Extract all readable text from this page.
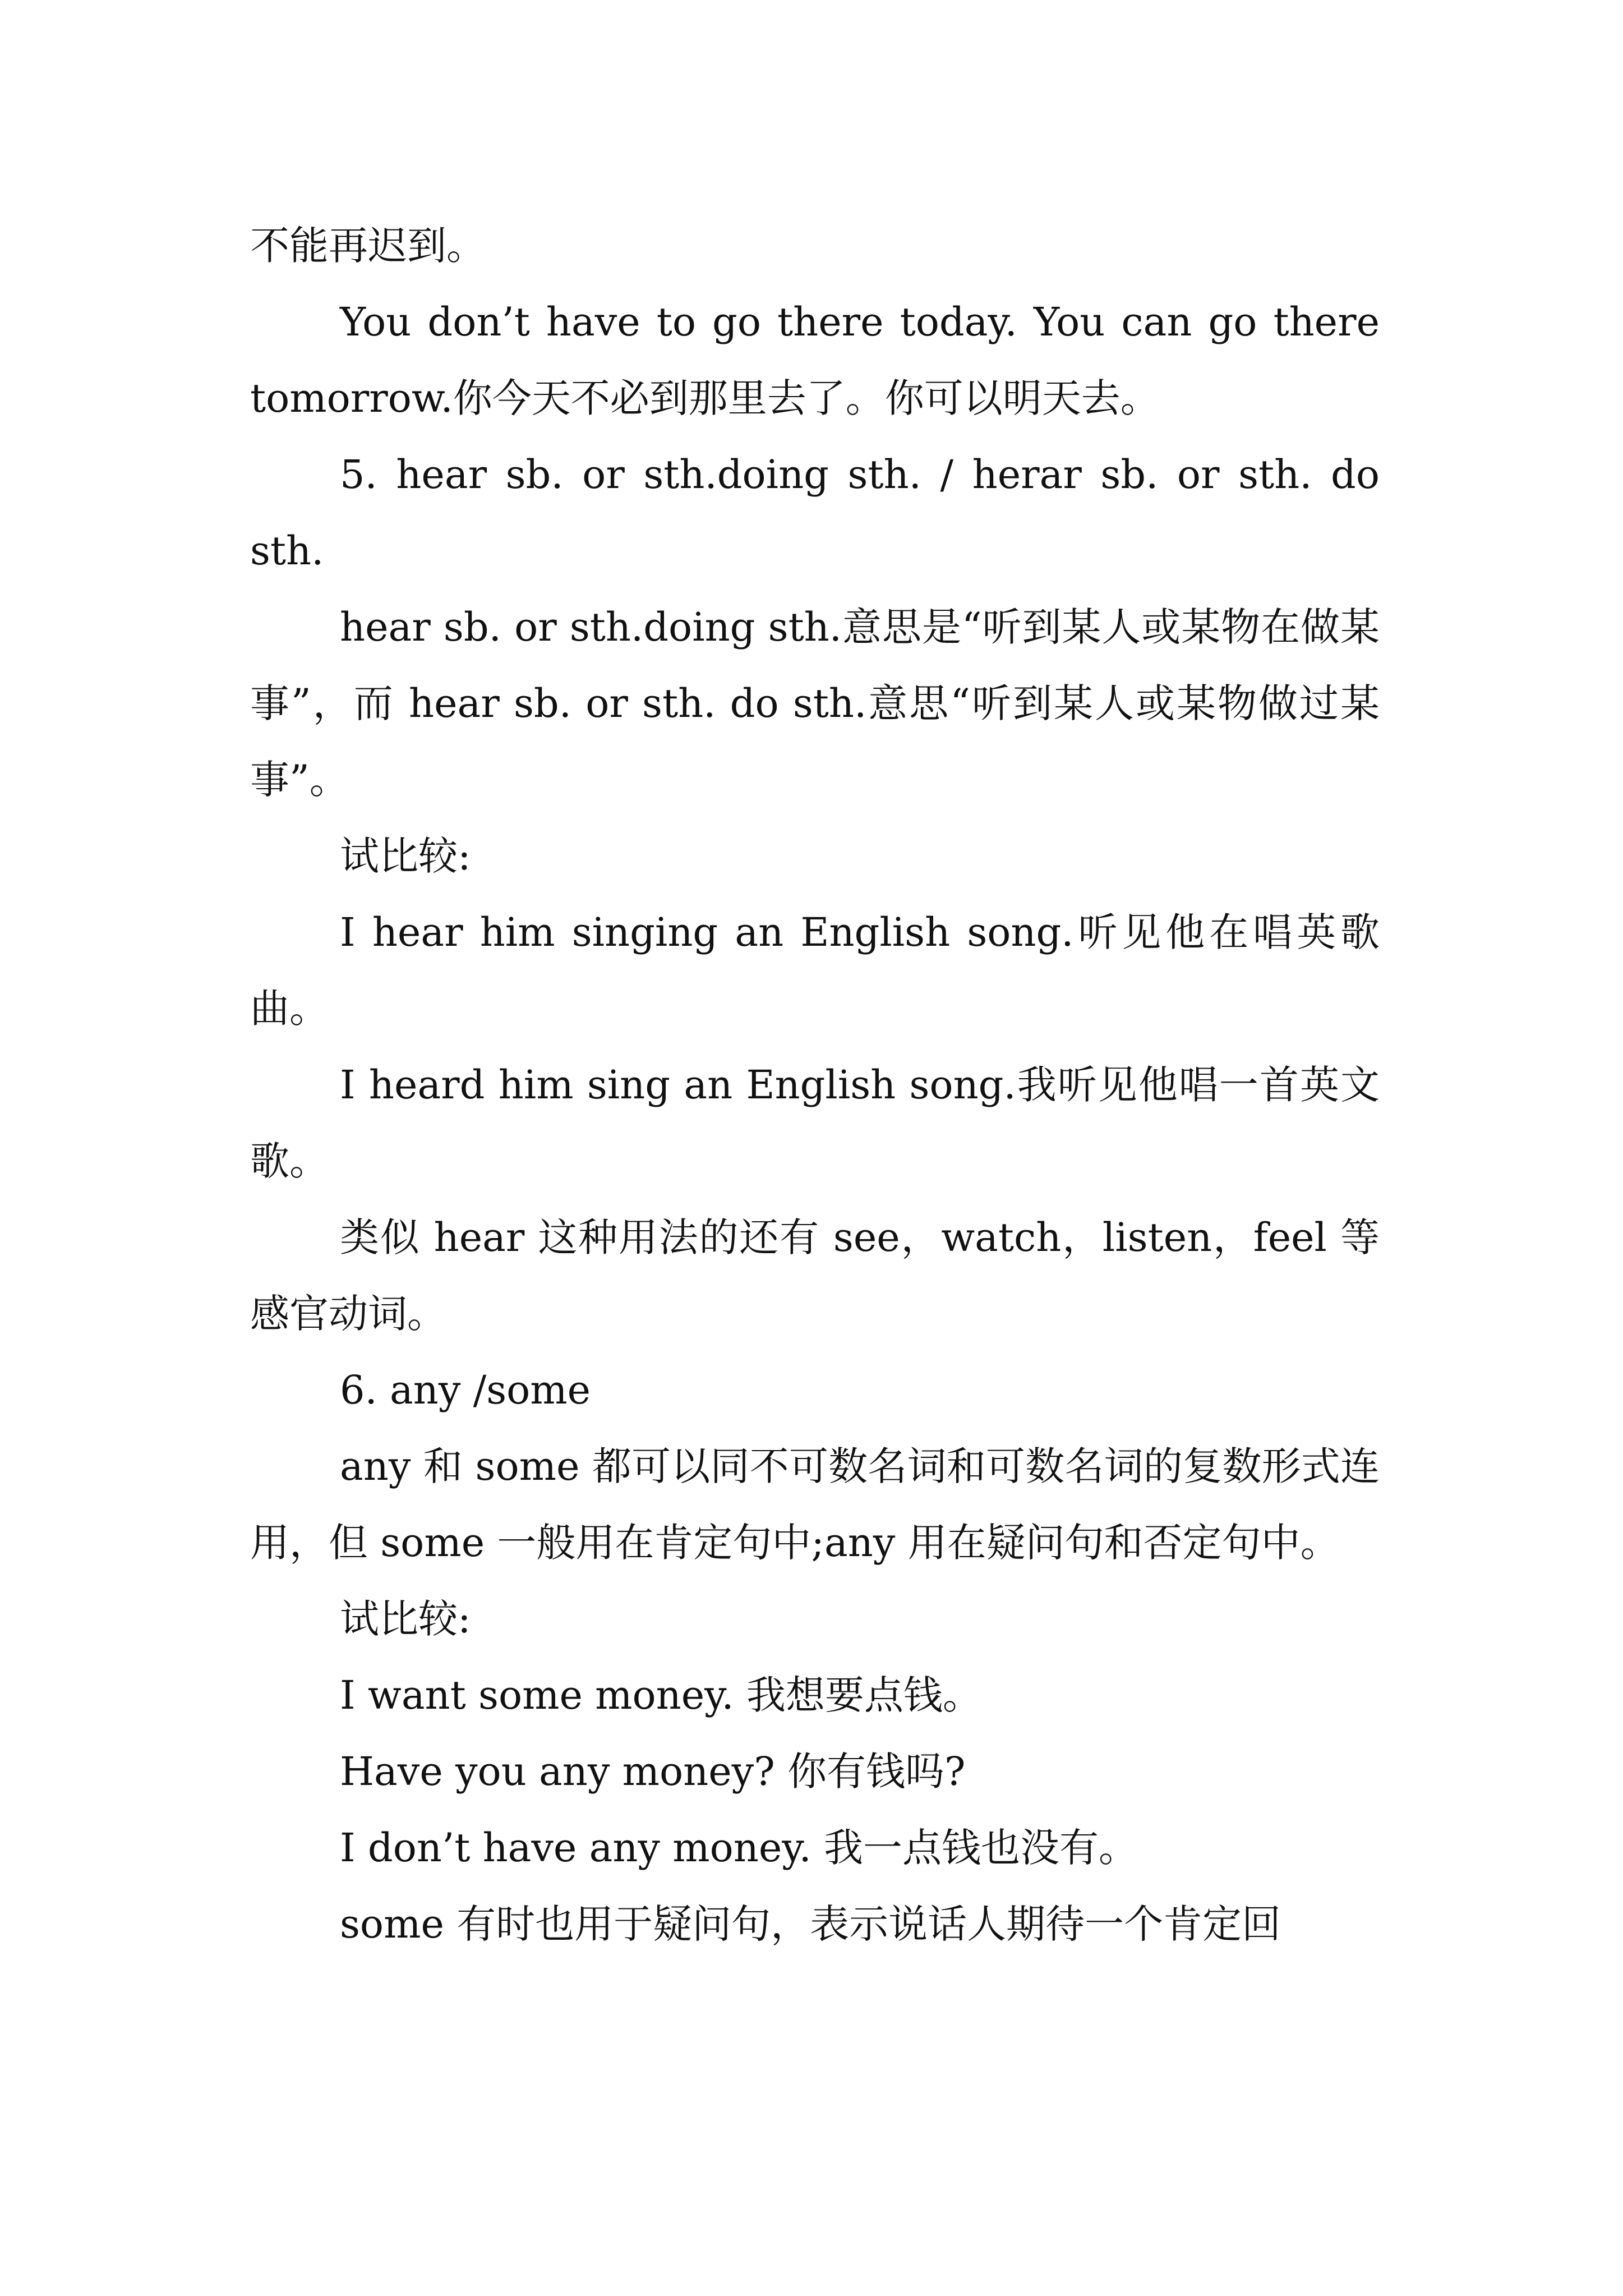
不能再迟到。

You don’t have to go there today. You can go there tomorrow.你今天不必到那里去了。你可以明天去。

5. hear sb. or sth.doing sth. / herar sb. or sth. do sth.

hear sb. or sth.doing sth.意思是“听到某人或某物在做某事”，而 hear sb. or sth. do sth.意思“听到某人或某物做过某事”。

试比较:

I hear him singing an English song.听见他在唱英歌曲。

I heard him sing an English song.我听见他唱一首英文歌。

类似 hear 这种用法的还有 see，watch，listen，feel 等感官动词。

6. any /some

any 和 some 都可以同不可数名词和可数名词的复数形式连用，但 some 一般用在肯定句中;any 用在疑问句和否定句中。

试比较:

I want some money. 我想要点钱。

Have you any money? 你有钱吗?

I don’t have any money. 我一点钱也没有。

some 有时也用于疑问句，表示说话人期待一个肯定回
